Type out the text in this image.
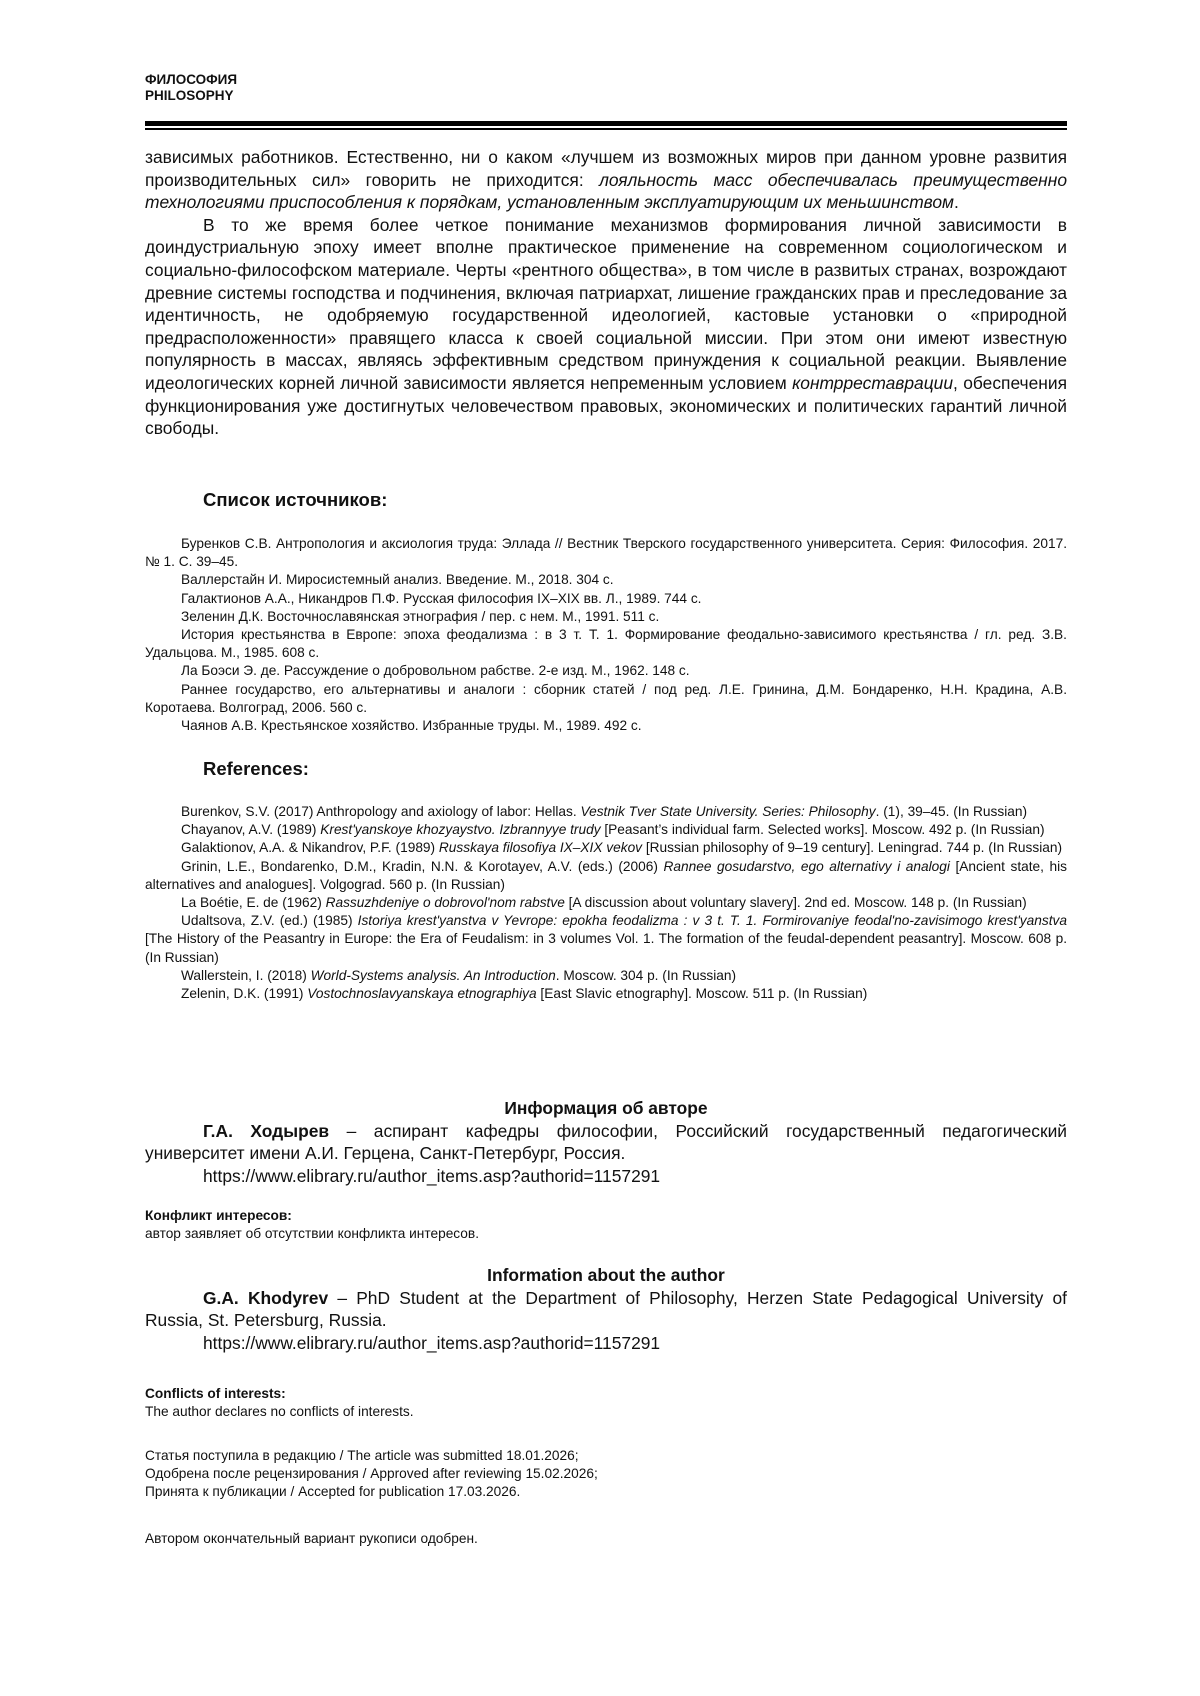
ФИЛОСОФИЯ
PHILOSOPHY

зависимых работников. Естественно, ни о каком «лучшем из возможных миров при данном уровне развития производительных сил» говорить не приходится: лояльность масс обеспечивалась преимущественно технологиями приспособления к порядкам, установленным эксплуатирующим их меньшинством.

В то же время более четкое понимание механизмов формирования личной зависимости в доиндустриальную эпоху имеет вполне практическое применение на современном социологическом и социально-философском материале. Черты «рентного общества», в том числе в развитых странах, возрождают древние системы господства и подчинения, включая патриархат, лишение гражданских прав и преследование за идентичность, не одобряемую государственной идеологией, кастовые установки о «природной предрасположенности» правящего класса к своей социальной миссии. При этом они имеют известную популярность в массах, являясь эффективным средством принуждения к социальной реакции. Выявление идеологических корней личной зависимости является непременным условием контрреставрации, обеспечения функционирования уже достигнутых человечеством правовых, экономических и политических гарантий личной свободы.

Список источников:

Буренков С.В. Антропология и аксиология труда: Эллада // Вестник Тверского государственного университета. Серия: Философия. 2017. № 1. С. 39–45.

Валлерстайн И. Миросистемный анализ. Введение. М., 2018. 304 с.

Галактионов А.А., Никандров П.Ф. Русская философия IX–XIX вв. Л., 1989. 744 с.

Зеленин Д.К. Восточнославянская этнография / пер. с нем. М., 1991. 511 с.

История крестьянства в Европе: эпоха феодализма : в 3 т. Т. 1. Формирование феодально-зависимого крестьянства / гл. ред. З.В. Удальцова. М., 1985. 608 с.

Ла Боэси Э. де. Рассуждение о добровольном рабстве. 2-е изд. М., 1962. 148 с.

Раннее государство, его альтернативы и аналоги : сборник статей / под ред. Л.Е. Гринина, Д.М. Бондаренко, Н.Н. Крадина, А.В. Коротаева. Волгоград, 2006. 560 с.

Чаянов А.В. Крестьянское хозяйство. Избранные труды. М., 1989. 492 с.

References:

Burenkov, S.V. (2017) Anthropology and axiology of labor: Hellas. Vestnik Tver State University. Series: Philosophy. (1), 39–45. (In Russian)

Chayanov, A.V. (1989) Krest'yanskoye khozyaystvo. Izbrannyye trudy [Peasant’s individual farm. Selected works]. Moscow. 492 p. (In Russian)

Galaktionov, A.A. & Nikandrov, P.F. (1989) Russkaya filosofiya IX–XIX vekov [Russian philosophy of 9–19 century]. Leningrad. 744 p. (In Russian)

Grinin, L.E., Bondarenko, D.M., Kradin, N.N. & Korotayev, A.V. (eds.) (2006) Rannee gosudarstvo, ego alternativy i analogi [Ancient state, his alternatives and analogues]. Volgograd. 560 p. (In Russian)

La Boétie, E. de (1962) Rassuzhdeniye o dobrovol'nom rabstve [A discussion about voluntary slavery]. 2nd ed. Moscow. 148 p. (In Russian)

Udaltsova, Z.V. (ed.) (1985) Istoriya krest'yanstva v Yevrope: epokha feodalizma : v 3 t. T. 1. Formirovaniye feodal'no-zavisimogo krest'yanstva [The History of the Peasantry in Europe: the Era of Feudalism: in 3 volumes Vol. 1. The formation of the feudal-dependent peasantry]. Moscow. 608 p. (In Russian)

Wallerstein, I. (2018) World-Systems analysis. An Introduction. Moscow. 304 p. (In Russian)

Zelenin, D.K. (1991) Vostochnoslavyanskaya etnographiya [East Slavic etnography]. Moscow. 511 p. (In Russian)

Информация об авторе

Г.А. Ходырев – аспирант кафедры философии, Российский государственный педагогический университет имени А.И. Герцена, Санкт-Петербург, Россия.

https://www.elibrary.ru/author_items.asp?authorid=1157291
Конфликт интересов:
автор заявляет об отсутствии конфликта интересов.
Information about the author

G.A. Khodyrev – PhD Student at the Department of Philosophy, Herzen State Pedagogical University of Russia, St. Petersburg, Russia.

https://www.elibrary.ru/author_items.asp?authorid=1157291
Conflicts of interests:
The author declares no conflicts of interests.
Статья поступила в редакцию / The article was submitted 18.01.2026;
Одобрена после рецензирования / Approved after reviewing 15.02.2026;
Принята к публикации / Accepted for publication 17.03.2026.
Автором окончательный вариант рукописи одобрен.
